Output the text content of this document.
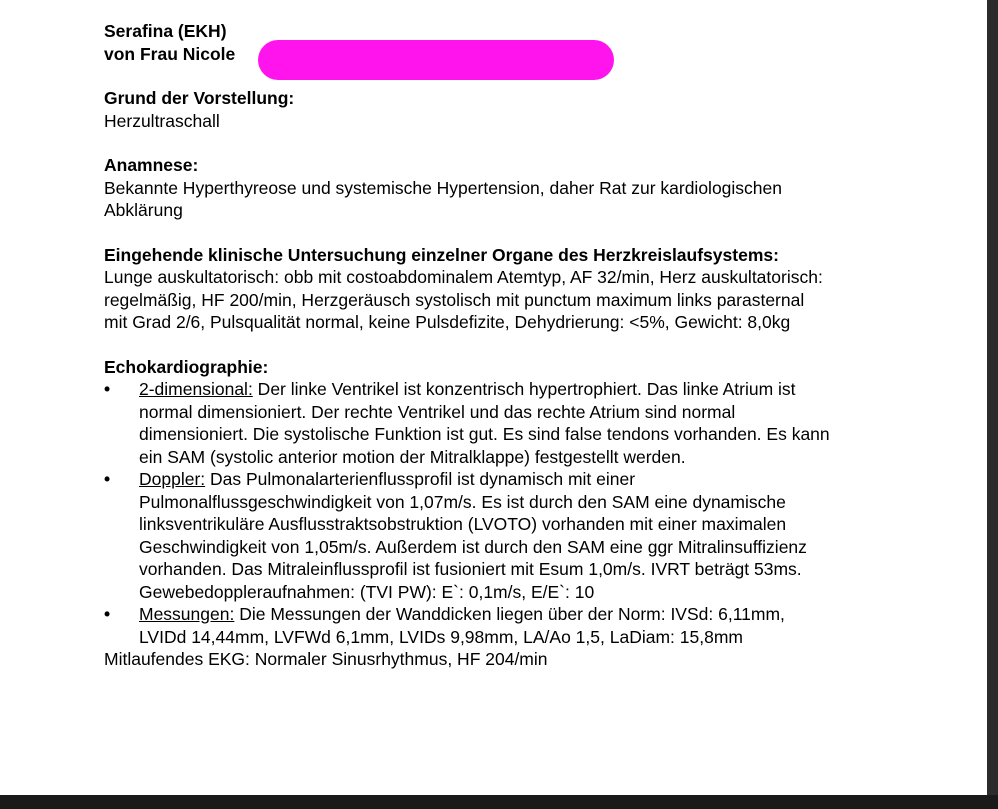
Serafina (EKH)

von Frau Nicole

Grund der Vorstellung:

Herzultraschall

Anamnese:

Bekannte Hyperthyreose und systemische Hypertension, daher Rat zur kardiologischen

Abklärung

Eingehende klinische Untersuchung einzelner Organe des Herzkreislaufsystems:

Lunge auskultatorisch: obb mit costoabdominalem Atemtyp, AF 32/min, Herz auskultatorisch:

regelmäßig, HF 200/min, Herzgeräusch systolisch mit punctum maximum links parasternal

mit Grad 2/6, Pulsqualität normal, keine Pulsdefizite, Dehydrierung: <5%, Gewicht: 8,0kg

Echokardiographie:

• 2-dimensional: Der linke Ventrikel ist konzentrisch hypertrophiert. Das linke Atrium ist

normal dimensioniert. Der rechte Ventrikel und das rechte Atrium sind normal

dimensioniert. Die systolische Funktion ist gut. Es sind false tendons vorhanden. Es kann

ein SAM (systolic anterior motion der Mitralklappe) festgestellt werden.

• Doppler: Das Pulmonalarterienflussprofil ist dynamisch mit einer

Pulmonalflussgeschwindigkeit von 1,07m/s. Es ist durch den SAM eine dynamische

linksventrikuläre Ausflusstraktsobstruktion (LVOTO) vorhanden mit einer maximalen

Geschwindigkeit von 1,05m/s. Außerdem ist durch den SAM eine ggr Mitralinsuffizienz

vorhanden. Das Mitraleinflussprofil ist fusioniert mit Esum 1,0m/s. IVRT beträgt 53ms.

Gewebedoppleraufnahmen: (TVI PW): E`: 0,1m/s, E/E`: 10

• Messungen: Die Messungen der Wanddicken liegen über der Norm: IVSd: 6,11mm,

LVIDd 14,44mm, LVFWd 6,1mm, LVIDs 9,98mm, LA/Ao 1,5, LaDiam: 15,8mm

Mitlaufendes EKG: Normaler Sinusrhythmus, HF 204/min
